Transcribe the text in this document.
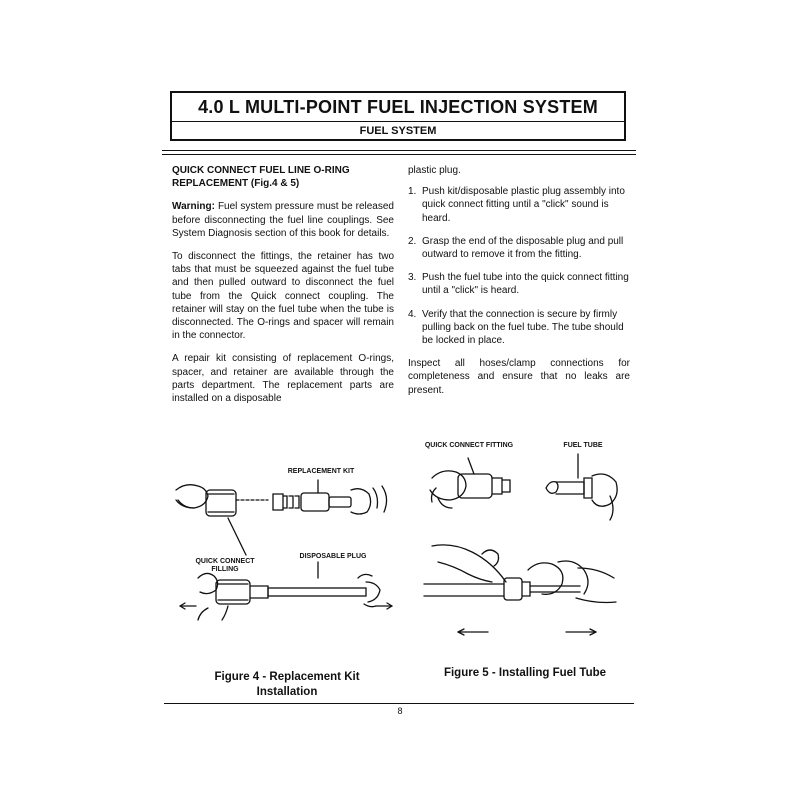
4.0 L MULTI-POINT FUEL INJECTION SYSTEM
FUEL SYSTEM
QUICK CONNECT FUEL LINE O-RING REPLACEMENT (Fig.4 & 5)

Warning: Fuel system pressure must be released before disconnecting the fuel line couplings. See System Diagnosis section of this book for details.

To disconnect the fittings, the retainer has two tabs that must be squeezed against the fuel tube and then pulled outward to disconnect the fuel tube from the Quick connect coupling. The retainer will stay on the fuel tube when the tube is disconnected. The O-rings and spacer will remain in the connector.

A repair kit consisting of replacement O-rings, spacer, and retainer are available through the parts department. The replacement parts are installed on a disposable

plastic plug.
1. Push kit/disposable plastic plug assembly into quick connect fitting until a "click" sound is heard.
2. Grasp the end of the disposable plug and pull outward to remove it from the fitting.
3. Push the fuel tube into the quick connect fitting until a "click" is heard.
4. Verify that the connection is secure by firmly pulling back on the fuel tube. The tube should be locked in place.

Inspect all hoses/clamp connections for completeness and ensure that no leaks are present.

REPLACEMENT KIT
QUICK CONNECT FILLING
DISPOSABLE PLUG
QUICK CONNECT FITTING	FUEL TUBE
Figure 4 - Replacement Kit
Installation
Figure 5 - Installing Fuel Tube
8
